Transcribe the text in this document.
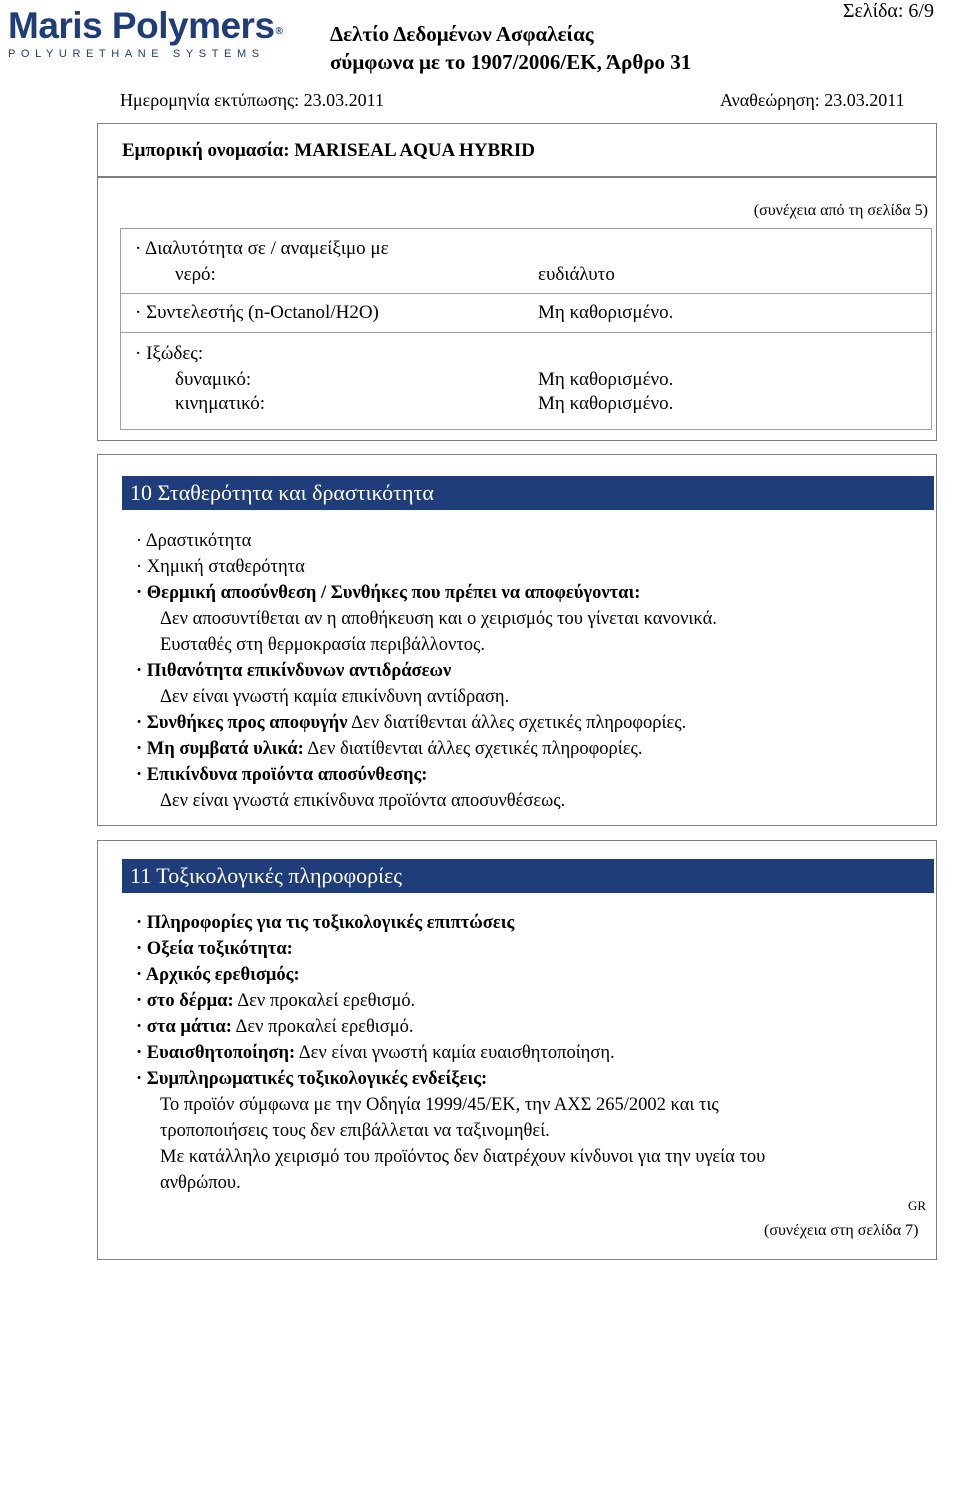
Maris Polymers®
POLYURETHANE SYSTEMS
Δελτίο Δεδομένων Ασφαλείας
σύμφωνα με το 1907/2006/ΕΚ, Άρθρο 31
Σελίδα: 6/9
Ημερομηνία εκτύπωσης: 23.03.2011	Αναθεώρηση: 23.03.2011
Εμπορική ονομασία: MARISEAL AQUA HYBRID
(συνέχεια από τη σελίδα 5)
· Διαλυτότητα σε / αναμείξιμο με
νερό:	ευδιάλυτο
· Συντελεστής (n-Octanol/H2O)	Μη καθορισμένο.
· Ιξώδες:
δυναμικό:	Μη καθορισμένο.
κινηματικό:	Μη καθορισμένο.
10 Σταθερότητα και δραστικότητα
· Δραστικότητα
· Χημική σταθερότητα
· Θερμική αποσύνθεση / Συνθήκες που πρέπει να αποφεύγονται:
Δεν αποσυντίθεται αν η αποθήκευση και ο χειρισμός του γίνεται κανονικά.
Ευσταθές στη θερμοκρασία περιβάλλοντος.
· Πιθανότητα επικίνδυνων αντιδράσεων
Δεν είναι γνωστή καμία επικίνδυνη αντίδραση.
· Συνθήκες προς αποφυγήν Δεν διατίθενται άλλες σχετικές πληροφορίες.
· Μη συμβατά υλικά: Δεν διατίθενται άλλες σχετικές πληροφορίες.
· Επικίνδυνα προϊόντα αποσύνθεσης:
Δεν είναι γνωστά επικίνδυνα προϊόντα αποσυνθέσεως.
11 Τοξικολογικές πληροφορίες
· Πληροφορίες για τις τοξικολογικές επιπτώσεις
· Οξεία τοξικότητα:
· Αρχικός ερεθισμός:
· στο δέρμα: Δεν προκαλεί ερεθισμό.
· στα μάτια: Δεν προκαλεί ερεθισμό.
· Ευαισθητοποίηση: Δεν είναι γνωστή καμία ευαισθητοποίηση.
· Συμπληρωματικές τοξικολογικές ενδείξεις:
Το προϊόν σύμφωνα με την Οδηγία 1999/45/ΕΚ, την ΑΧΣ 265/2002 και τις
τροποποιήσεις τους δεν επιβάλλεται να ταξινομηθεί.
Με κατάλληλο χειρισμό του προϊόντος δεν διατρέχουν κίνδυνοι για την υγεία του
ανθρώπου.
GR
(συνέχεια στη σελίδα 7)
